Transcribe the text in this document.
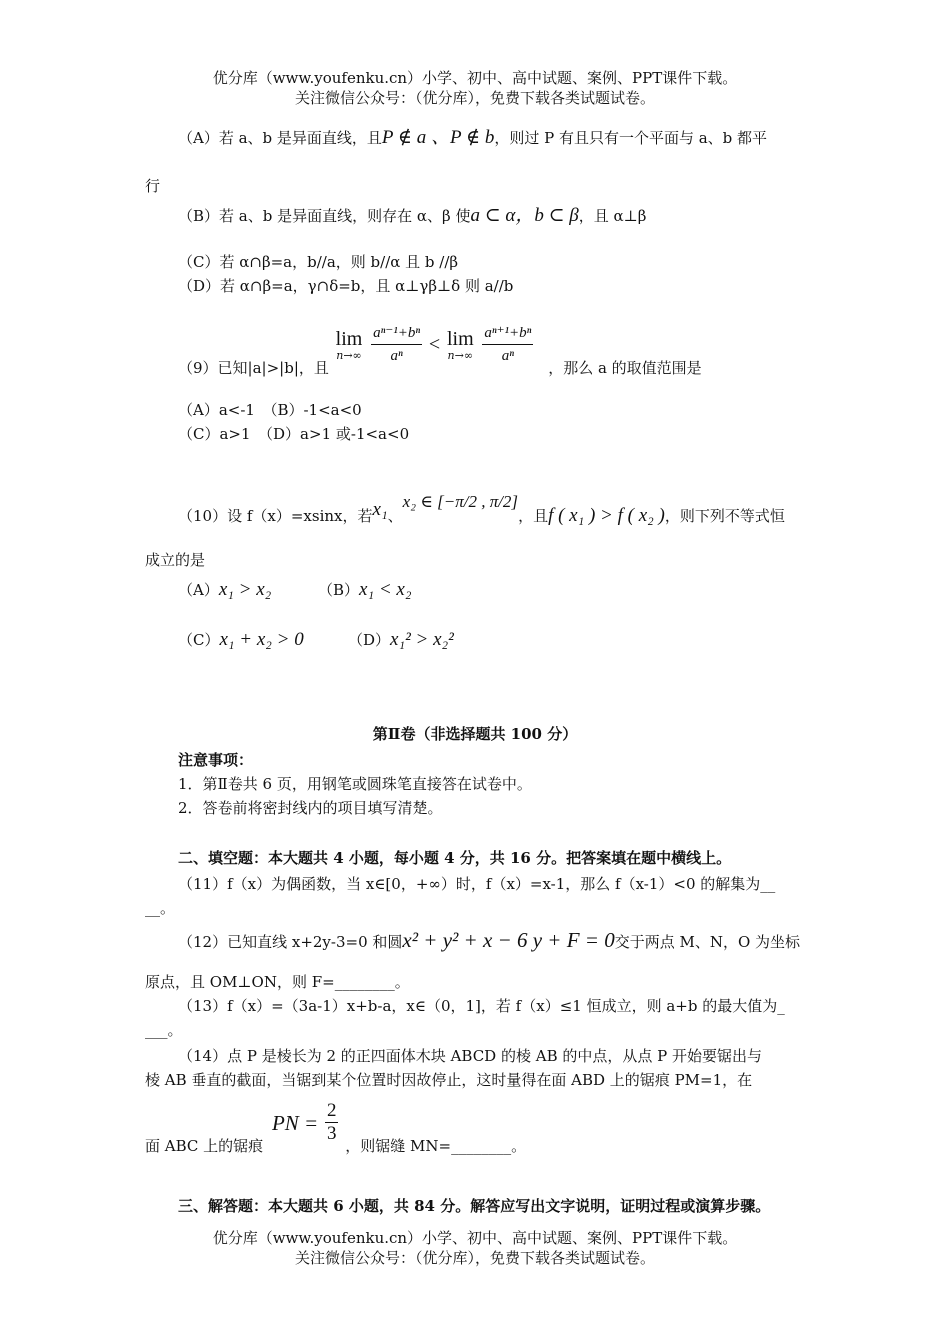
优分库（www.youfenku.cn）小学、初中、高中试题、案例、PPT课件下载。
关注微信公众号：（优分库），免费下载各类试题试卷。
（A）若 a、b 是异面直线，且P ∉ a 、P ∉ b，则过 P 有且只有一个平面与 a、b 都平
行
（B）若 a、b 是异面直线，则存在 α、β 使a ⊂ α，b ⊂ β，且 α⊥β
（C）若 α∩β=a，b//a，则 b//α 且 b //β
（D）若 α∩β=a，γ∩δ=b，且 α⊥γβ⊥δ 则 a//b
（9）已知|a|>|b|，且
lim
n→∞
$\frac{\text{aⁿ⁻¹+bⁿ}}{\text{aⁿ}} < \lim$
n→∞
$\frac{\text{aⁿ⁺¹+bⁿ}}{\text{aⁿ}}$
，那么 a 的取值范围是
（A）a<-1　（B）-1<a<0
（C）a>1　（D）a>1 或-1<a<0
（10）设 f（x）=xsinx，若x₁、x₂ ∈ [−π/2 , π/2]，且f ( x₁ ) > f ( x₂ )，则下列不等式恒
成立的是
（A）x₁ > x₂	（B）x₁ < x₂
（C）x₁ + x₂ > 0	（D）x₁² > x₂²
第Ⅱ卷（非选择题共 100 分）
注意事项：
1．第Ⅱ卷共 6 页，用钢笔或圆珠笔直接答在试卷中。
2．答卷前将密封线内的项目填写清楚。
二、填空题：本大题共 4 小题，每小题 4 分，共 16 分。把答案填在题中横线上。
（11）f（x）为偶函数，当 x∈[0，+∞）时，f（x）=x-1，那么 f（x-1）<0 的解集为__
__。
（12）已知直线 x+2y-3=0 和圆x² + y² + x − 6 y + F = 0交于两点 M、N，O 为坐标
原点，且 OM⊥ON，则 F=________。
（13）f（x）=（3a-1）x+b-a，x∈（0，1]，若 f（x）≤1 恒成立，则 a+b 的最大值为_
___。
（14）点 P 是棱长为 2 的正四面体木块 ABCD 的棱 AB 的中点，从点 P 开始要锯出与
棱 AB 垂直的截面，当锯到某个位置时因故停止，这时量得在面 ABD 上的锯痕 PM=1，在
面 ABC 上的锯痕 PN = $\frac{2}{3}$
，则锯缝 MN=________。
三、解答题：本大题共 6 小题，共 84 分。解答应写出文字说明，证明过程或演算步骤。
优分库（www.youfenku.cn）小学、初中、高中试题、案例、PPT课件下载。
关注微信公众号：（优分库），免费下载各类试题试卷。
